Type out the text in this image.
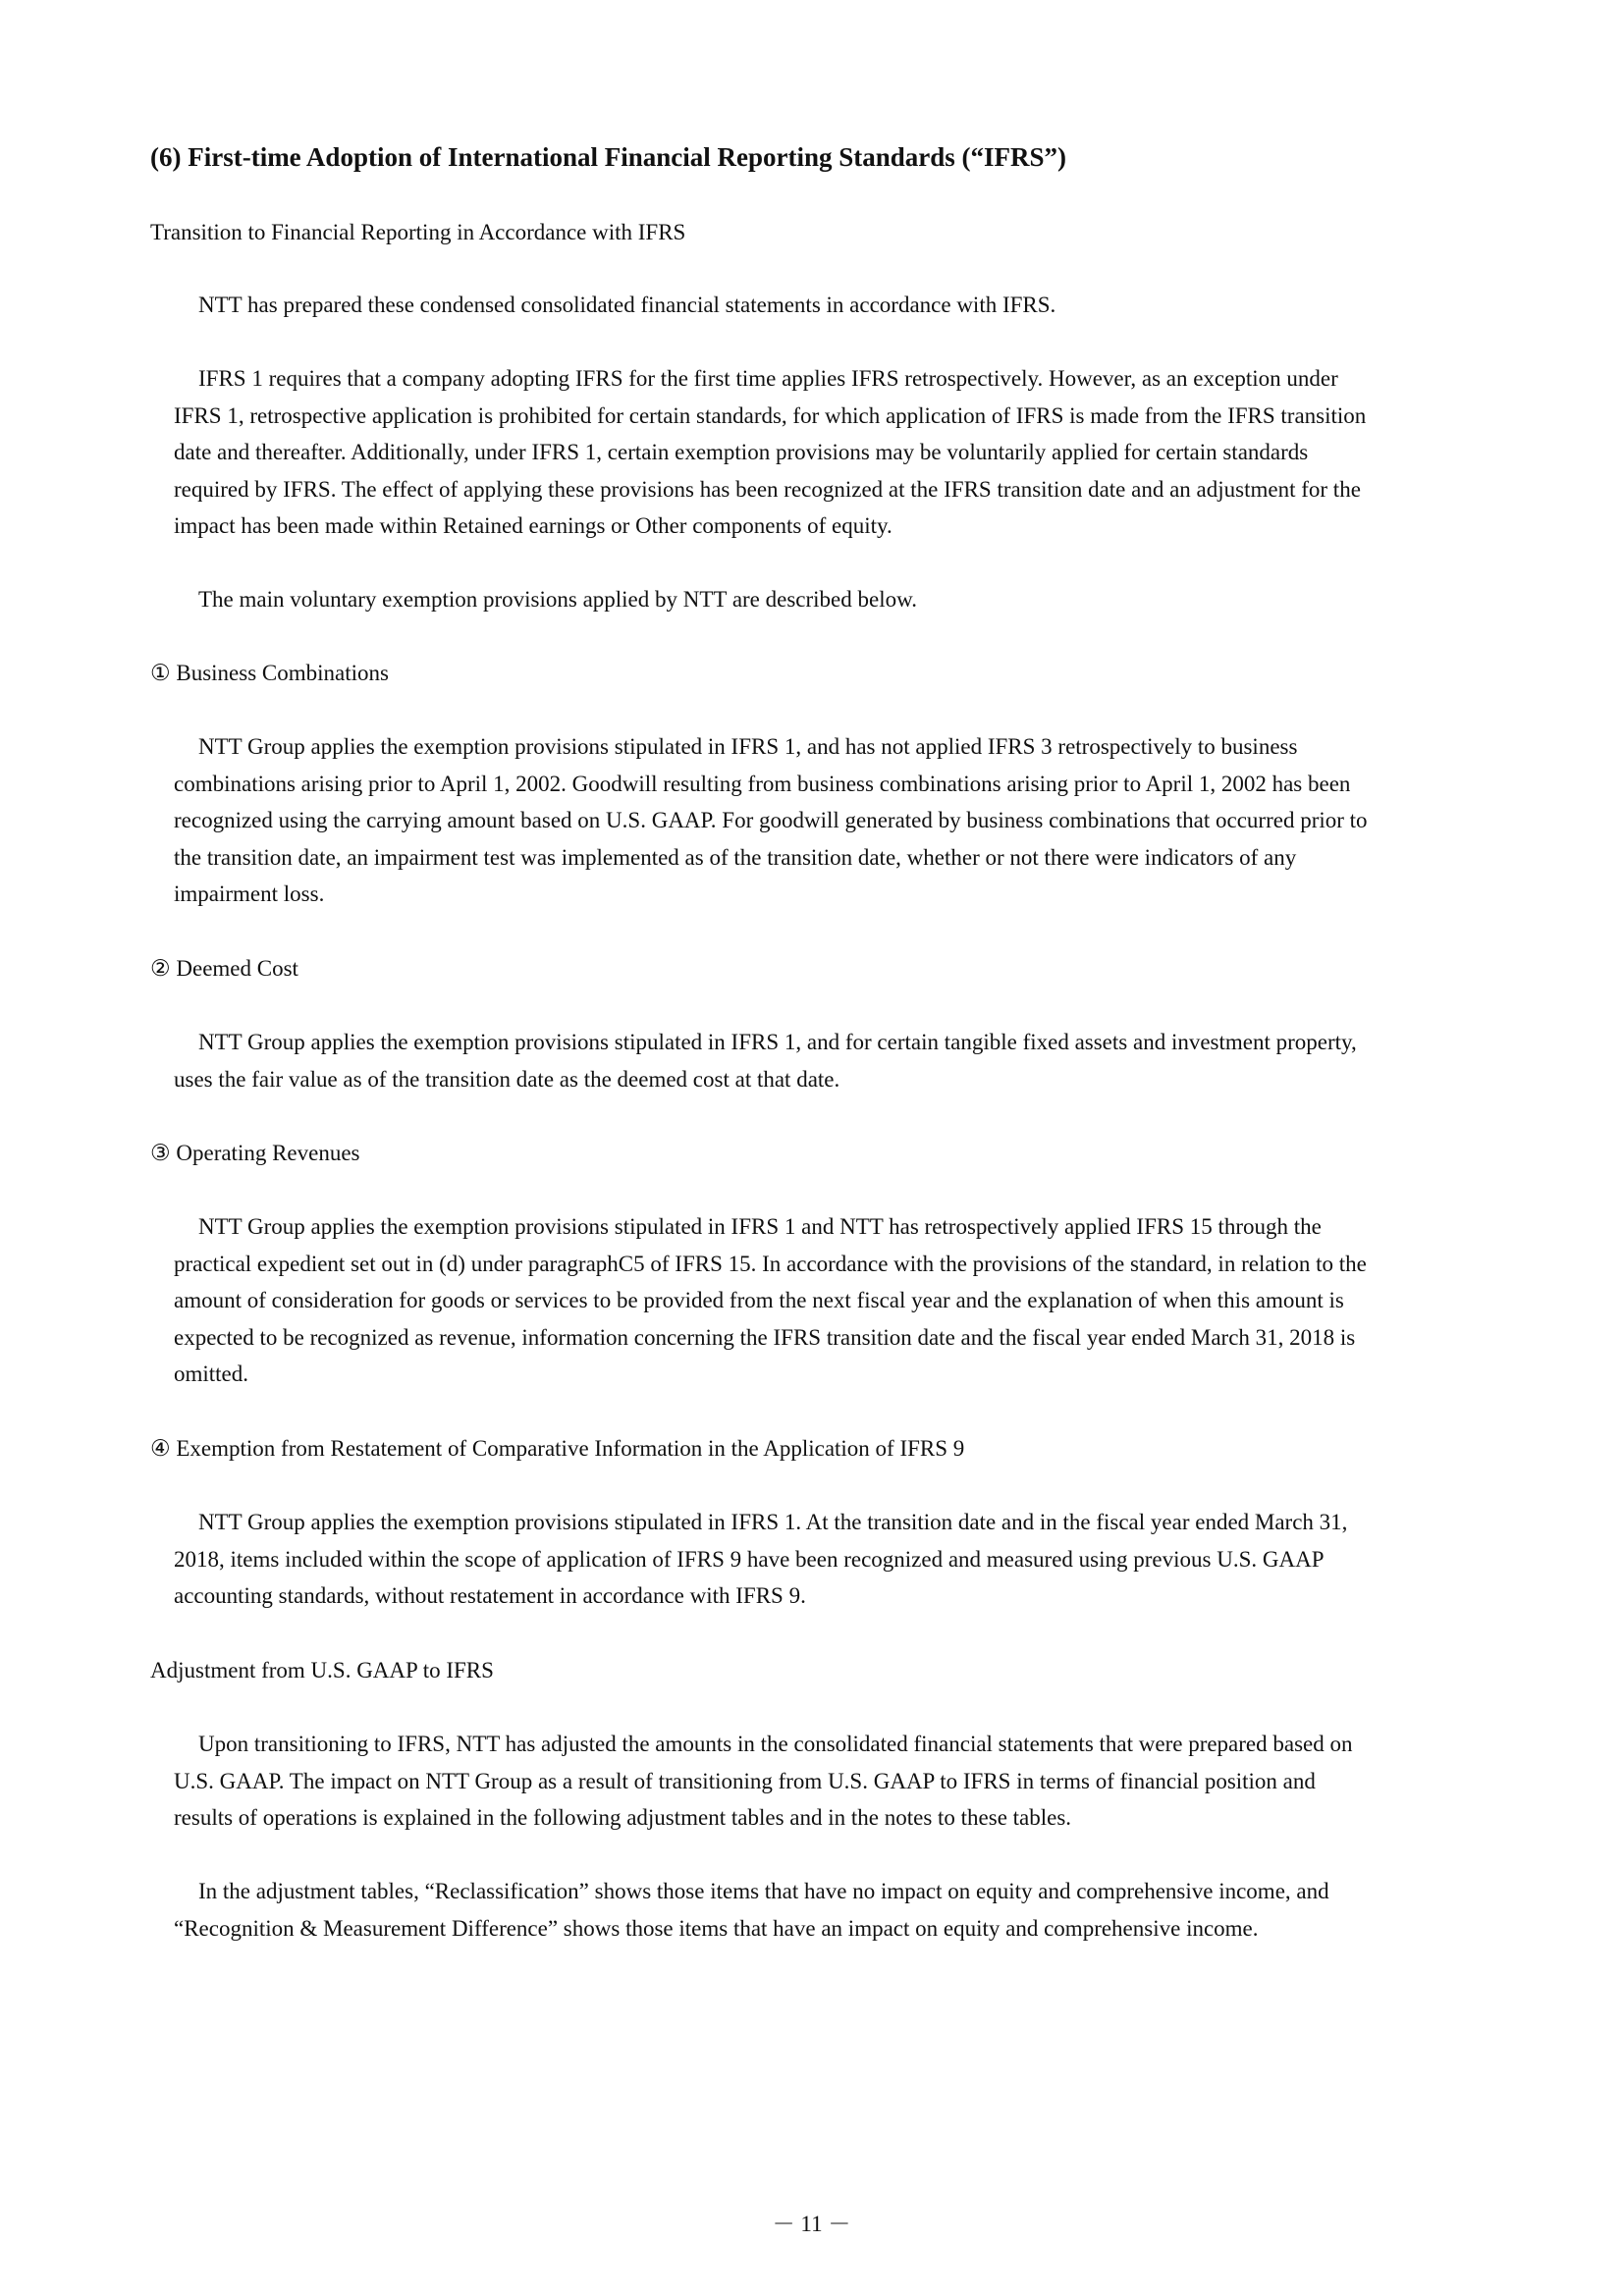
(6) First-time Adoption of International Financial Reporting Standards (“IFRS”)
Transition to Financial Reporting in Accordance with IFRS
NTT has prepared these condensed consolidated financial statements in accordance with IFRS.
IFRS 1 requires that a company adopting IFRS for the first time applies IFRS retrospectively. However, as an exception under
IFRS 1, retrospective application is prohibited for certain standards, for which application of IFRS is made from the IFRS transition
date and thereafter. Additionally, under IFRS 1, certain exemption provisions may be voluntarily applied for certain standards
required by IFRS. The effect of applying these provisions has been recognized at the IFRS transition date and an adjustment for the
impact has been made within Retained earnings or Other components of equity.
The main voluntary exemption provisions applied by NTT are described below.
① Business Combinations
NTT Group applies the exemption provisions stipulated in IFRS 1, and has not applied IFRS 3 retrospectively to business
combinations arising prior to April 1, 2002. Goodwill resulting from business combinations arising prior to April 1, 2002 has been
recognized using the carrying amount based on U.S. GAAP. For goodwill generated by business combinations that occurred prior to
the transition date, an impairment test was implemented as of the transition date, whether or not there were indicators of any
impairment loss.
② Deemed Cost
NTT Group applies the exemption provisions stipulated in IFRS 1, and for certain tangible fixed assets and investment property,
uses the fair value as of the transition date as the deemed cost at that date.
③ Operating Revenues
NTT Group applies the exemption provisions stipulated in IFRS 1 and NTT has retrospectively applied IFRS 15 through the
practical expedient set out in (d) under paragraphC5 of IFRS 15. In accordance with the provisions of the standard, in relation to the
amount of consideration for goods or services to be provided from the next fiscal year and the explanation of when this amount is
expected to be recognized as revenue, information concerning the IFRS transition date and the fiscal year ended March 31, 2018 is
omitted.
④ Exemption from Restatement of Comparative Information in the Application of IFRS 9
NTT Group applies the exemption provisions stipulated in IFRS 1. At the transition date and in the fiscal year ended March 31,
2018, items included within the scope of application of IFRS 9 have been recognized and measured using previous U.S. GAAP
accounting standards, without restatement in accordance with IFRS 9.
Adjustment from U.S. GAAP to IFRS
Upon transitioning to IFRS, NTT has adjusted the amounts in the consolidated financial statements that were prepared based on
U.S. GAAP. The impact on NTT Group as a result of transitioning from U.S. GAAP to IFRS in terms of financial position and
results of operations is explained in the following adjustment tables and in the notes to these tables.
In the adjustment tables, “Reclassification” shows those items that have no impact on equity and comprehensive income, and
“Recognition & Measurement Difference” shows those items that have an impact on equity and comprehensive income.
－ 11 －
